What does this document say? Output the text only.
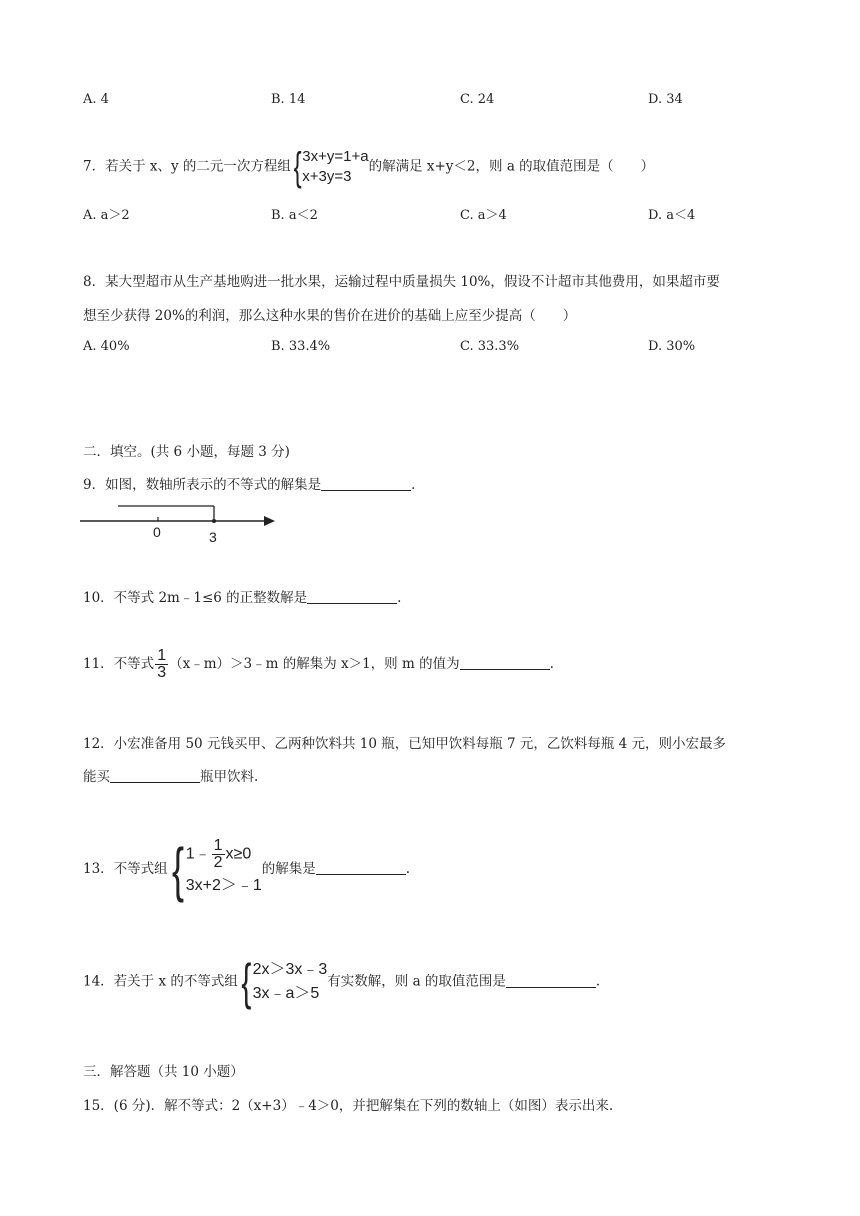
A. 4	B. 14	C. 24	D. 34
7．若关于 x、y 的二元一次方程组 { 3x+y=1+a
x+3y=3
的解满足 x+y＜2，则 a 的取值范围是（　　）
A. a＞2	B. a＜2	C. a＞4	D. a＜4
8．某大型超市从生产基地购进一批水果，运输过程中质量损失 10%，假设不计超市其他费用，如果超市要
想至少获得 20%的利润，那么这种水果的售价在进价的基础上应至少提高（　　）
A. 40%	B. 33.4%	C. 33.3%	D. 30%
二．填空。(共 6 小题，每题 3 分)
9．如图，数轴所表示的不等式的解集是	.
0	3
10．不等式 2m﹣1≤6 的正整数解是	.
11．不等式 $\frac{1}{3}$ （x﹣m）＞3﹣m 的解集为 x＞1，则 m 的值为	.
12．小宏准备用 50 元钱买甲、乙两种饮料共 10 瓶，已知甲饮料每瓶 7 元，乙饮料每瓶 4 元，则小宏最多
能买	瓶甲饮料.
13．不等式组 { 1﹣ $\frac{1}{2} x\ge 0$
3x+2＞﹣1
的解集是	.
14．若关于 x 的不等式组 { 2x＞3x﹣3
3x﹣a＞5
有实数解，则 a 的取值范围是	.
三．解答题（共 10 小题）
15．(6 分)．解不等式：2（x+3）﹣4＞0，并把解集在下列的数轴上（如图）表示出来.
